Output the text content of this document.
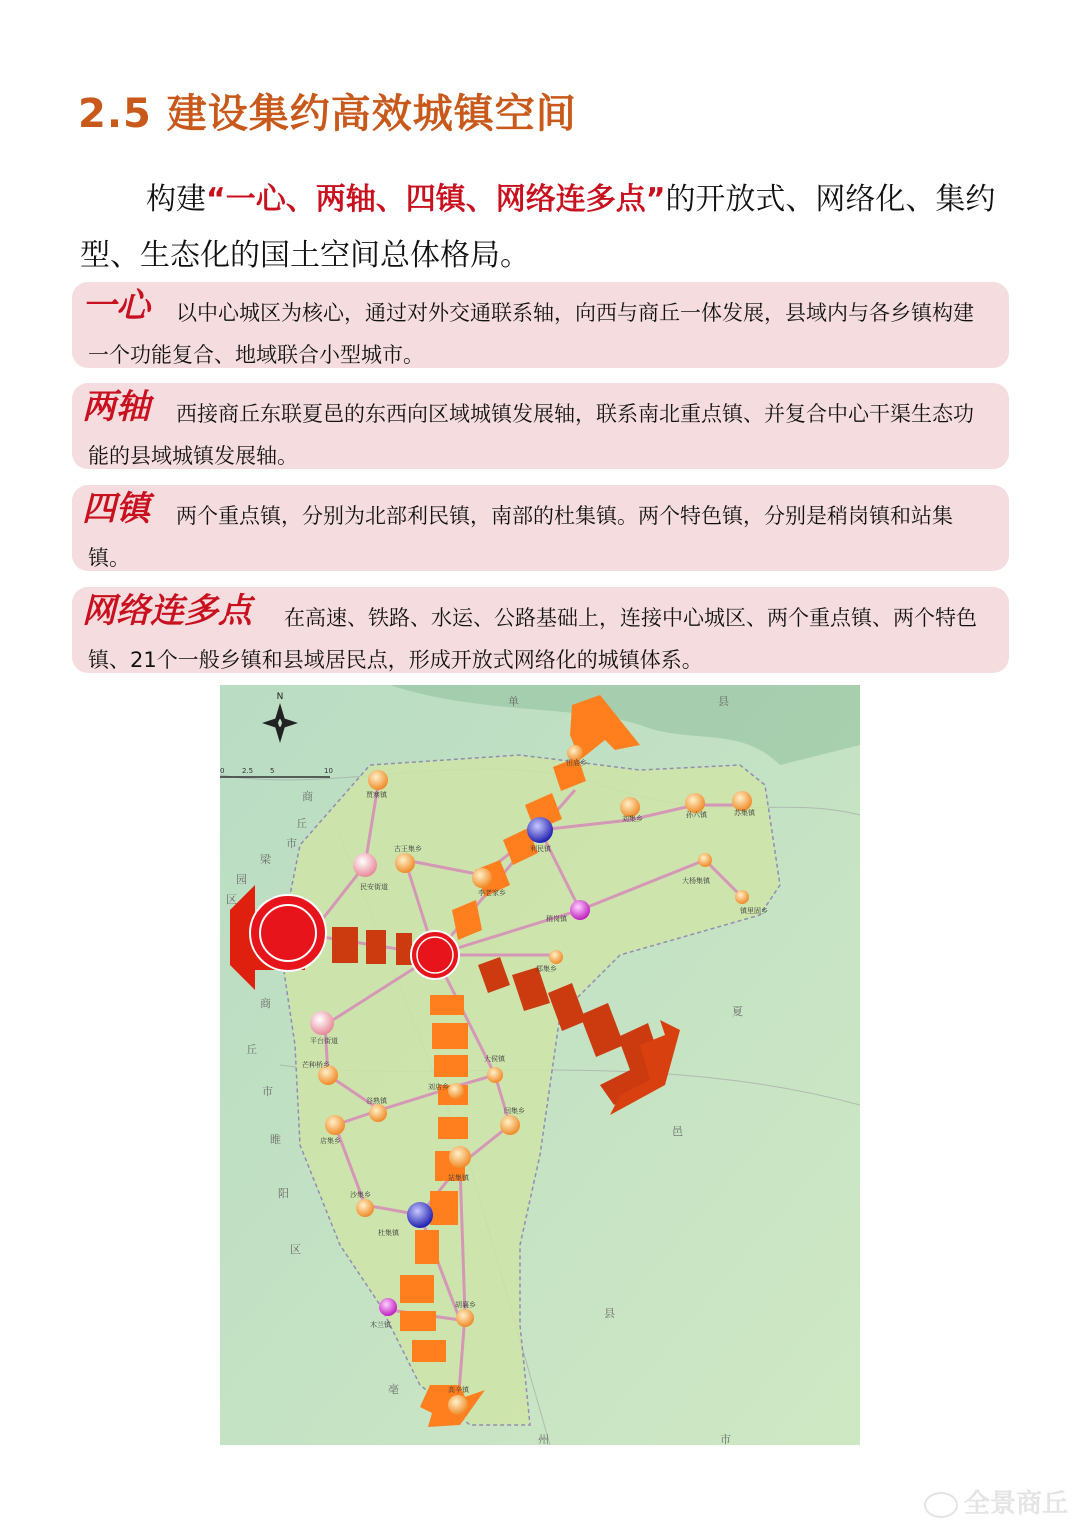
2.5 建设集约高效城镇空间
构建“一心、两轴、四镇、网络连多点”的开放式、网络化、集约型、生态化的国土空间总体格局。
一心	以中心城区为核心，通过对外交通联系轴，向西与商丘一体发展，县域内与各乡镇构建一个功能复合、地域联合小型城市。
两轴	西接商丘东联夏邑的东西向区域城镇发展轴，联系南北重点镇、并复合中心干渠生态功能的县域城镇发展轴。
四镇	两个重点镇，分别为北部利民镇，南部的杜集镇。两个特色镇，分别是稍岗镇和站集镇。
网络连多点	在高速、铁路、水运、公路基础上，连接中心城区、两个重点镇、两个特色镇、21个一般乡镇和县域居民点，形成开放式网络化的城镇体系。
N
0	2.5 5	10
单	县
商
丘
市
梁
园
区
商
丘
市
睢
阳
区
夏
邑
县
亳
州	市
田庙乡
利民镇
刘集乡	孙六镇	苏集镇
贾寨镇
古王集乡
民安街道
李老家乡
稍岗镇
大杨集镇
郑集乡
镇里固乡
平台街道
芒种桥乡
大侯镇
刘店乡
谷熟镇
闫集乡
店集乡
站集镇
沙集乡
杜集镇
木兰镇
胡襄乡
高辛镇
全景商丘
